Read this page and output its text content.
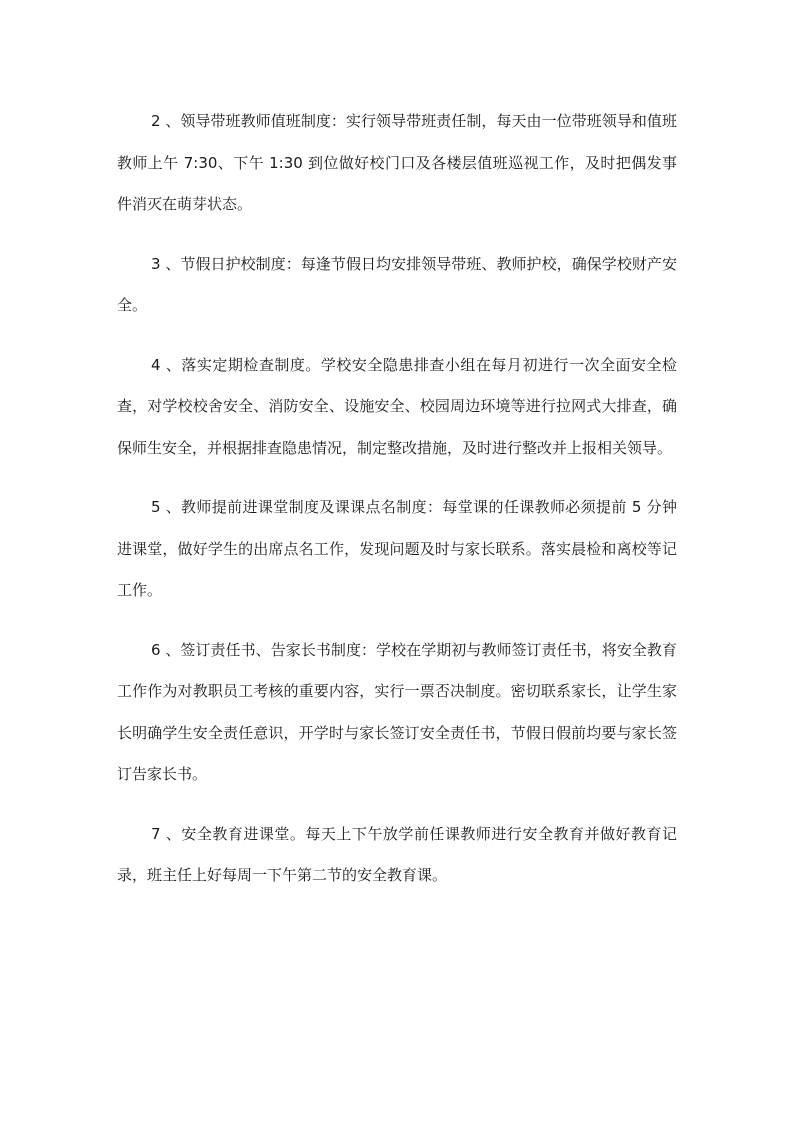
2 、领导带班教师值班制度：实行领导带班责任制，每天由一位带班领导和值班教师上午 7:30、下午 1:30 到位做好校门口及各楼层值班巡视工作，及时把偶发事件消灭在萌芽状态。

3 、节假日护校制度：每逢节假日均安排领导带班、教师护校，确保学校财产安全。

4 、落实定期检查制度。学校安全隐患排查小组在每月初进行一次全面安全检查，对学校校舍安全、消防安全、设施安全、校园周边环境等进行拉网式大排查，确保师生安全，并根据排查隐患情况，制定整改措施，及时进行整改并上报相关领导。

5 、教师提前进课堂制度及课课点名制度：每堂课的任课教师必须提前 5 分钟进课堂，做好学生的出席点名工作，发现问题及时与家长联系。落实晨检和离校等记工作。

6 、签订责任书、告家长书制度：学校在学期初与教师签订责任书，将安全教育工作作为对教职员工考核的重要内容，实行一票否决制度。密切联系家长，让学生家长明确学生安全责任意识，开学时与家长签订安全责任书，节假日假前均要与家长签订告家长书。

7 、安全教育进课堂。每天上下午放学前任课教师进行安全教育并做好教育记录，班主任上好每周一下午第二节的安全教育课。
